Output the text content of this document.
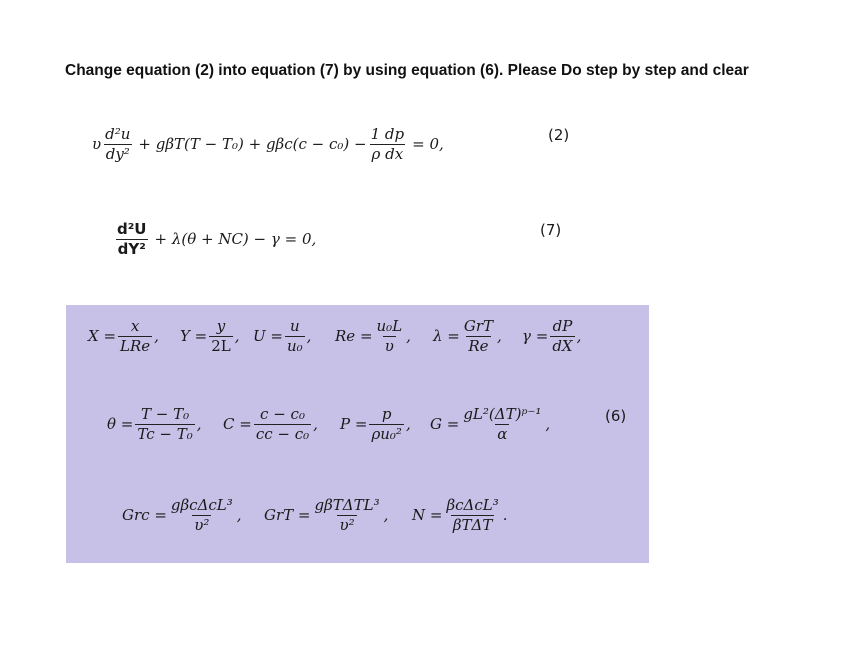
Change equation (2) into equation (7) by using equation (6). Please Do step by step and clear
υ $\frac{\text{d²u}}{\text{dy²}} + g\beta T(T - T_0) + g\beta c(c - c_0) - \frac{1 dp}{\text{ρ dx}} = 0$,
(2)
$\frac{\text{d²U}}{\text{dY²}} + \lambda(\theta + NC) - \gamma = 0$,
(7)
$X = \frac{x}{\text{LRe}}$ , $Y = \frac{y}{2L}$ , $U = \frac{u}{\text{u₀}}$ , $Re = \frac{\text{u₀L}}{\upsilon}$ , $\lambda = \frac{\text{GrT}}{Re}$ , $\gamma = \frac{dP}{dX}$ ,
$\theta = \frac{\text{T − T₀}}{\text{Tc − T₀}}$ , $C = \frac{\text{c − c₀}}{\text{cc − c₀}}$ , $P = \frac{p}{\text{ρu₀²}}$ , $G = \frac{\text{gL²(ΔT)ᵖ⁻¹}}{\alpha}$ ,	(6)
Grc = $\frac{\text{gβcΔcL³}}{\text{υ²}}$ , GrT = $\frac{\text{gβTΔTL³}}{\text{υ²}}$ , $N = \frac{\text{βcΔcL³}}{\text{βTΔT}}$ .
